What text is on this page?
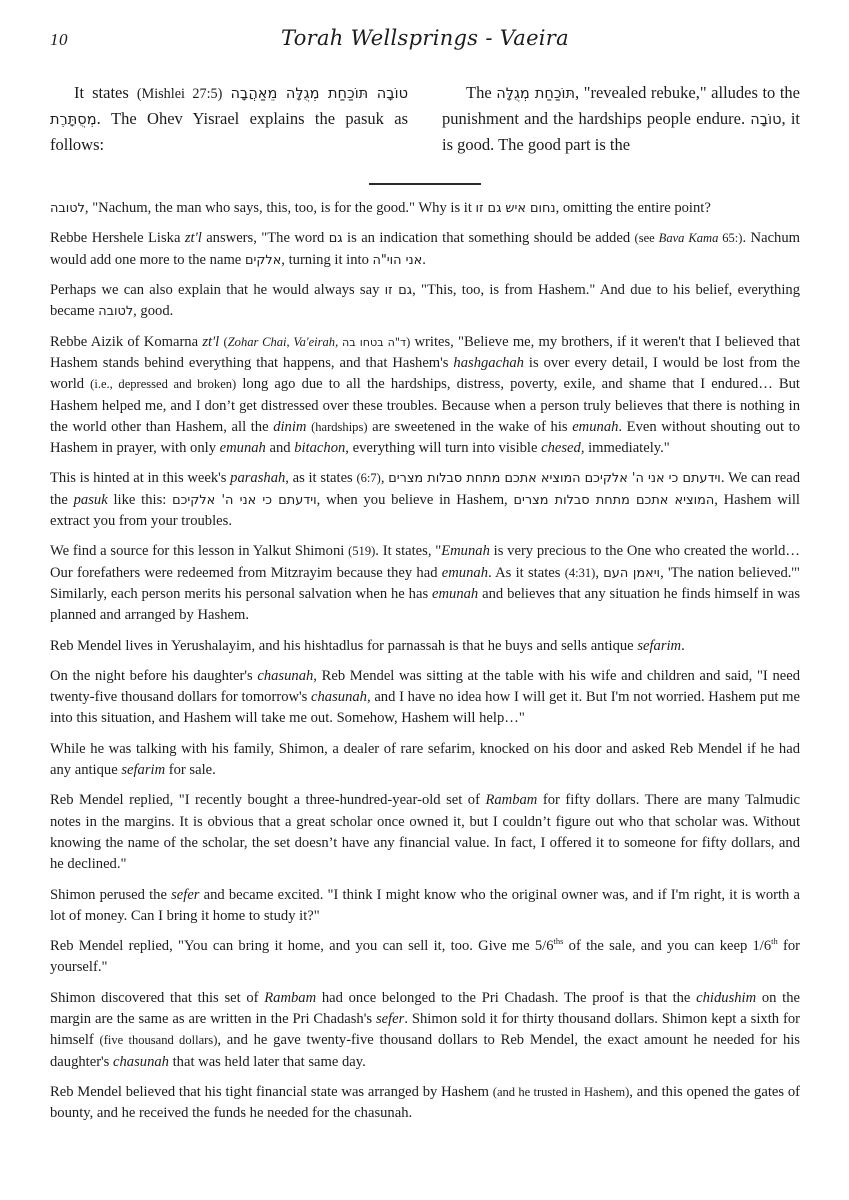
10	Torah Wellsprings - Vaeira

It states (Mishlei 27:5) טוֹבָה תּוֹכַחַת מְגֻלָּה מֵאַהֲבָה מְסֻתָּרֶת. The Ohev Yisrael explains the pasuk as follows:

The תּוֹכַחַת מְגֻלָּה, "revealed rebuke," alludes to the punishment and the hardships people endure. טוֹבָה, it is good. The good part is the

לטובה, "Nachum, the man who says, this, too, is for the good." Why is it נחום איש גם זו, omitting the entire point?

Rebbe Hershele Liska zt'l answers, "The word גם is an indication that something should be added (see Bava Kama 65:). Nachum would add one more to the name אלקים, turning it into אני הוי"ה.

Perhaps we can also explain that he would always say גם זו, "This, too, is from Hashem." And due to his belief, everything became לטובה, good.

Rebbe Aizik of Komarna zt'l (Zohar Chai, Va'eirah, ד"ה בטחו בה) writes, "Believe me, my brothers, if it weren't that I believed that Hashem stands behind everything that happens, and that Hashem's hashgachah is over every detail, I would be lost from the world (i.e., depressed and broken) long ago due to all the hardships, distress, poverty, exile, and shame that I endured… But Hashem helped me, and I don’t get distressed over these troubles. Because when a person truly believes that there is nothing in the world other than Hashem, all the dinim (hardships) are sweetened in the wake of his emunah. Even without shouting out to Hashem in prayer, with only emunah and bitachon, everything will turn into visible chesed, immediately."

This is hinted at in this week's parashah, as it states (6:7), וידעתם כי אני ה' אלקיכם המוציא אתכם מתחת סבלות מצרים. We can read the pasuk like this: וידעתם כי אני ה' אלקיכם, when you believe in Hashem, המוציא אתכם מתחת סבלות מצרים, Hashem will extract you from your troubles.

We find a source for this lesson in Yalkut Shimoni (519). It states, "Emunah is very precious to the One who created the world… Our forefathers were redeemed from Mitzrayim because they had emunah. As it states (4:31), ויאמן העם, 'The nation believed.'" Similarly, each person merits his personal salvation when he has emunah and believes that any situation he finds himself in was planned and arranged by Hashem.

Reb Mendel lives in Yerushalayim, and his hishtadlus for parnassah is that he buys and sells antique sefarim.

On the night before his daughter's chasunah, Reb Mendel was sitting at the table with his wife and children and said, "I need twenty-five thousand dollars for tomorrow's chasunah, and I have no idea how I will get it. But I'm not worried. Hashem put me into this situation, and Hashem will take me out. Somehow, Hashem will help…"

While he was talking with his family, Shimon, a dealer of rare sefarim, knocked on his door and asked Reb Mendel if he had any antique sefarim for sale.

Reb Mendel replied, "I recently bought a three-hundred-year-old set of Rambam for fifty dollars. There are many Talmudic notes in the margins. It is obvious that a great scholar once owned it, but I couldn’t figure out who that scholar was. Without knowing the name of the scholar, the set doesn’t have any financial value. In fact, I offered it to someone for fifty dollars, and he declined."

Shimon perused the sefer and became excited. "I think I might know who the original owner was, and if I'm right, it is worth a lot of money. Can I bring it home to study it?"

Reb Mendel replied, "You can bring it home, and you can sell it, too. Give me $5/6^{ths}$ of the sale, and you can keep 1/6th for yourself."

Shimon discovered that this set of Rambam had once belonged to the Pri Chadash. The proof is that the chidushim on the margin are the same as are written in the Pri Chadash's sefer. Shimon sold it for thirty thousand dollars. Shimon kept a sixth for himself (five thousand dollars), and he gave twenty-five thousand dollars to Reb Mendel, the exact amount he needed for his daughter's chasunah that was held later that same day.

Reb Mendel believed that his tight financial state was arranged by Hashem (and he trusted in Hashem), and this opened the gates of bounty, and he received the funds he needed for the chasunah.
